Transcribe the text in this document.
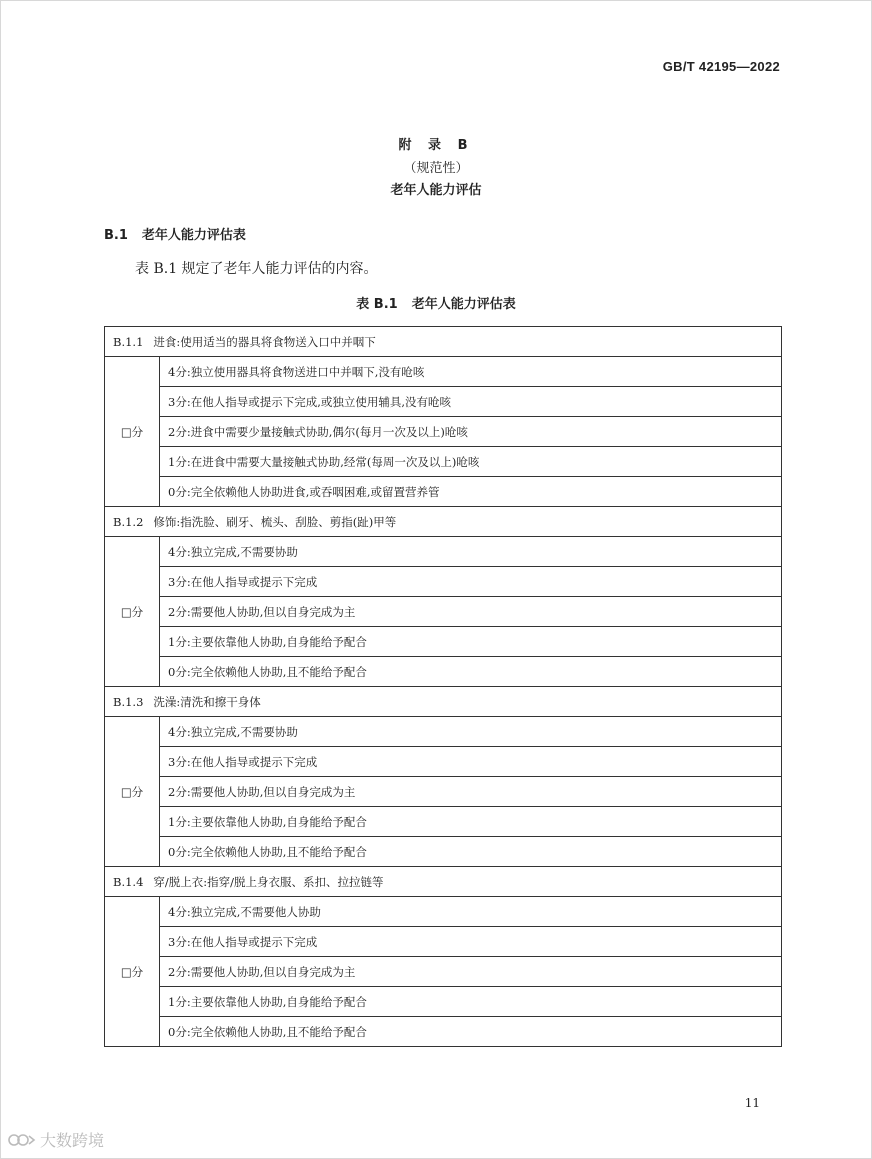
GB/T 42195—2022
附 录 B
（规范性）
老年人能力评估
B.1 老年人能力评估表
表 B.1 规定了老年人能力评估的内容。
表 B.1 老年人能力评估表
B.1.1 进食:使用适当的器具将食物送入口中并咽下	
□分	4分:独立使用器具将食物送进口中并咽下,没有呛咳
	3分:在他人指导或提示下完成,或独立使用辅具,没有呛咳
	2分:进食中需要少量接触式协助,偶尔(每月一次及以上)呛咳
	1分:在进食中需要大量接触式协助,经常(每周一次及以上)呛咳
	0分:完全依赖他人协助进食,或吞咽困难,或留置营养管
B.1.2 修饰:指洗脸、刷牙、梳头、刮脸、剪指(趾)甲等	
□分	4分:独立完成,不需要协助
	3分:在他人指导或提示下完成
	2分:需要他人协助,但以自身完成为主
	1分:主要依靠他人协助,自身能给予配合
	0分:完全依赖他人协助,且不能给予配合
B.1.3 洗澡:清洗和擦干身体	
□分	4分:独立完成,不需要协助
	3分:在他人指导或提示下完成
	2分:需要他人协助,但以自身完成为主
	1分:主要依靠他人协助,自身能给予配合
	0分:完全依赖他人协助,且不能给予配合
B.1.4 穿/脱上衣:指穿/脱上身衣服、系扣、拉拉链等	
□分	4分:独立完成,不需要他人协助
	3分:在他人指导或提示下完成
	2分:需要他人协助,但以自身完成为主
	1分:主要依靠他人协助,自身能给予配合
	0分:完全依赖他人协助,且不能给予配合
11
大数跨境
